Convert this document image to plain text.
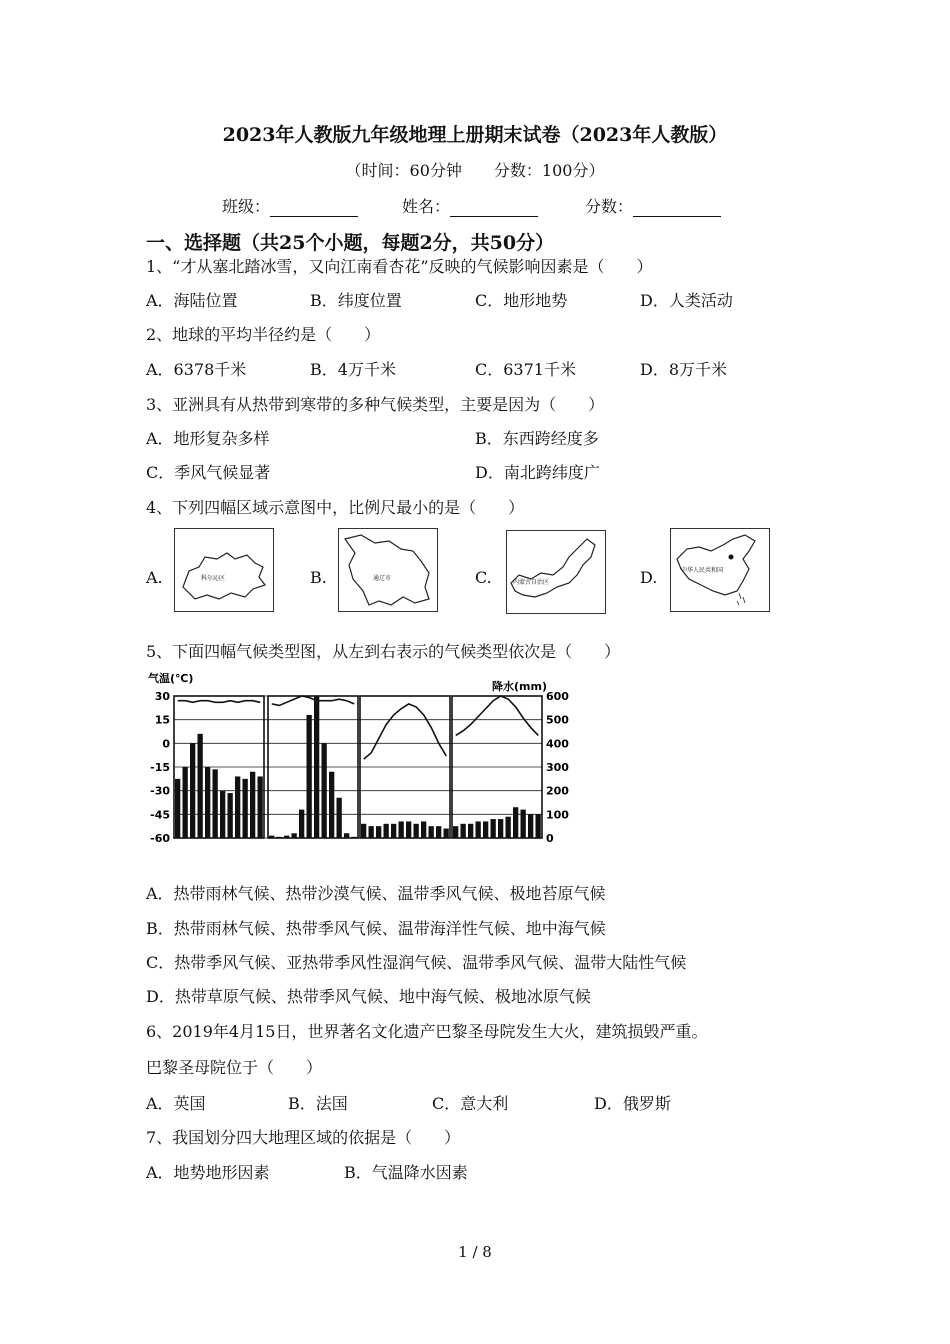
2023年人教版九年级地理上册期末试卷（2023年人教版）
（时间：60分钟　　分数：100分）
班级：	姓名：	分数：
一、选择题（共25个小题，每题2分，共50分）
1、“才从塞北踏冰雪，又向江南看杏花”反映的气候影响因素是（　　）
A．海陆位置	B．纬度位置	C．地形地势	D．人类活动
2、地球的平均半径约是（　　）
A．6378千米	B．4万千米	C．6371千米	D．8万千米
3、亚洲具有从热带到寒带的多种气候类型，主要是因为（　　）
A．地形复杂多样	B．东西跨经度多
C．季风气候显著	D．南北跨纬度广
4、下列四幅区域示意图中，比例尺最小的是（　　）
A.	科尔沁区	B.	通辽市	C.	内蒙古自治区	D.	中华人民共和国
5、下面四幅气候类型图，从左到右表示的气候类型依次是（　　）
气温(℃)
降水(mm)
30
15
0
-15
-30
-45
-60
600
500
400
300
200
100
0
A．热带雨林气候、热带沙漠气候、温带季风气候、极地苔原气候
B．热带雨林气候、热带季风气候、温带海洋性气候、地中海气候
C．热带季风气候、亚热带季风性湿润气候、温带季风气候、温带大陆性气候
D．热带草原气候、热带季风气候、地中海气候、极地冰原气候
6、2019年4月15日，世界著名文化遗产巴黎圣母院发生大火，建筑损毁严重。
巴黎圣母院位于（　　）
A．英国	B．法国	C．意大利	D．俄罗斯
7、我国划分四大地理区域的依据是（　　）
A．地势地形因素	B．气温降水因素
1 / 8
